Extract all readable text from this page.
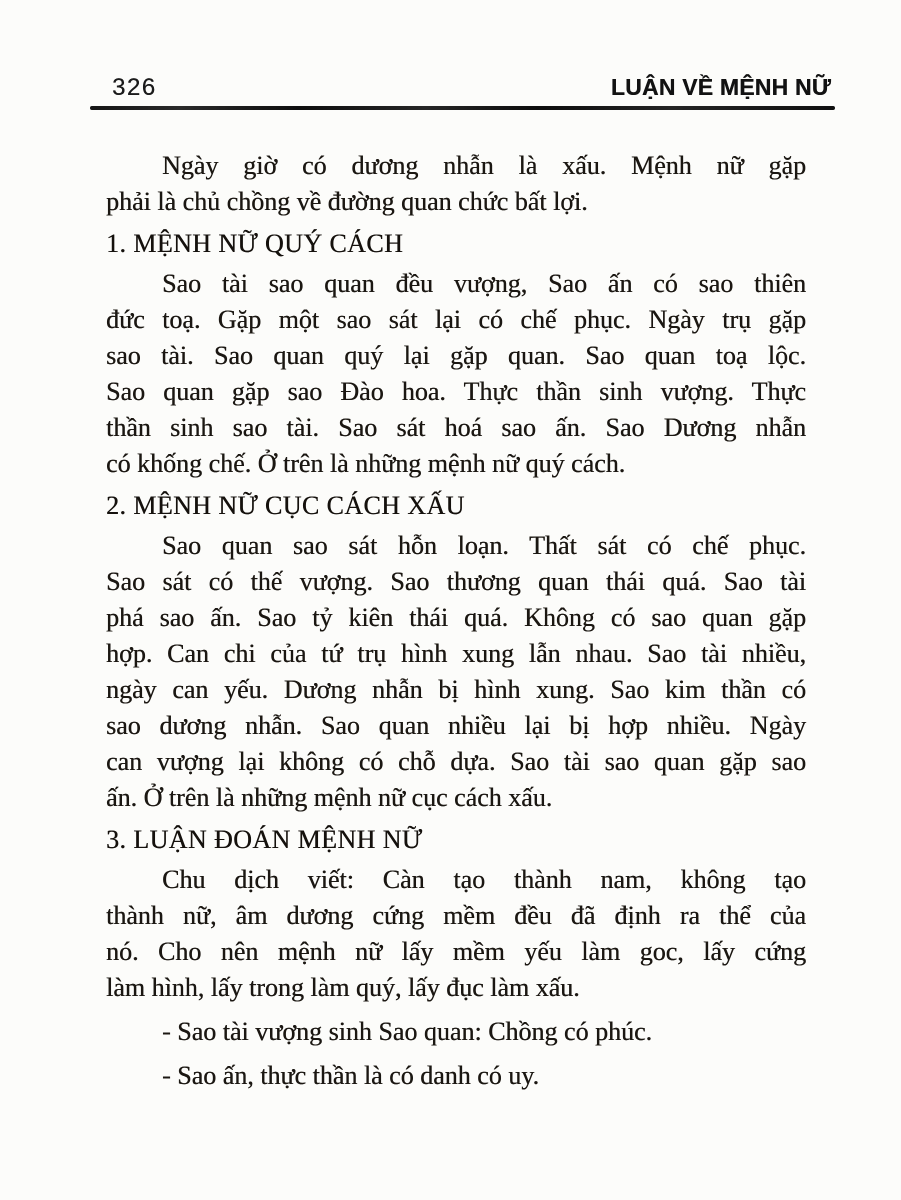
326	LUẬN VỀ MỆNH NỮ
Ngày giờ có dương nhẫn là xấu. Mệnh nữ gặp
phải là chủ chồng về đường quan chức bất lợi.
1. MỆNH NỮ QUÝ CÁCH
Sao tài sao quan đều vượng, Sao ấn có sao thiên
đức toạ. Gặp một sao sát lại có chế phục. Ngày trụ gặp
sao tài. Sao quan quý lại gặp quan. Sao quan toạ lộc.
Sao quan gặp sao Đào hoa. Thực thần sinh vượng. Thực
thần sinh sao tài. Sao sát hoá sao ấn. Sao Dương nhẫn
có khống chế. Ở trên là những mệnh nữ quý cách.
2. MỆNH NỮ CỤC CÁCH XẤU
Sao quan sao sát hỗn loạn. Thất sát có chế phục.
Sao sát có thế vượng. Sao thương quan thái quá. Sao tài
phá sao ấn. Sao tỷ kiên thái quá. Không có sao quan gặp
hợp. Can chi của tứ trụ hình xung lẫn nhau. Sao tài nhiều,
ngày can yếu. Dương nhẫn bị hình xung. Sao kim thần có
sao dương nhẫn. Sao quan nhiều lại bị hợp nhiều. Ngày
can vượng lại không có chỗ dựa. Sao tài sao quan gặp sao
ấn. Ở trên là những mệnh nữ cục cách xấu.
3. LUẬN ĐOÁN MỆNH NỮ
Chu dịch viết: Càn tạo thành nam, không tạo
thành nữ, âm dương cứng mềm đều đã định ra thể của
nó. Cho nên mệnh nữ lấy mềm yếu làm goc, lấy cứng
làm hình, lấy trong làm quý, lấy đục làm xấu.
- Sao tài vượng sinh Sao quan: Chồng có phúc.
- Sao ấn, thực thần là có danh có uy.
